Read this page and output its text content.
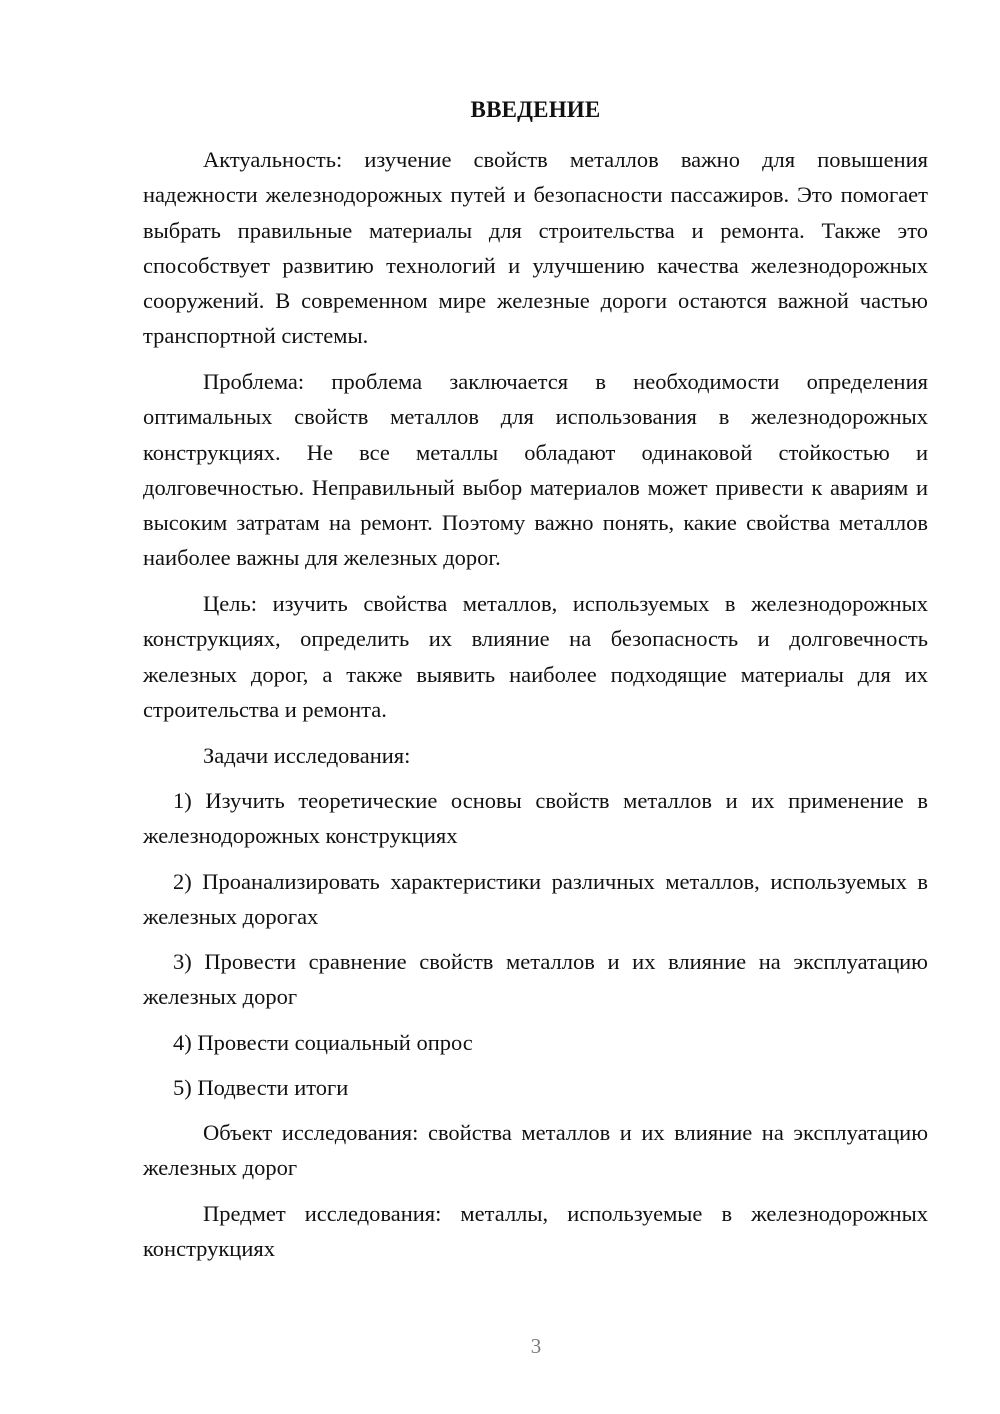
ВВЕДЕНИЕ

Актуальность: изучение свойств металлов важно для повышения надежности железнодорожных путей и безопасности пассажиров. Это помогает выбрать правильные материалы для строительства и ремонта. Также это способствует развитию технологий и улучшению качества железнодорожных сооружений. В современном мире железные дороги остаются важной частью транспортной системы.

Проблема: проблема заключается в необходимости определения оптимальных свойств металлов для использования в железнодорожных конструкциях. Не все металлы обладают одинаковой стойкостью и долговечностью. Неправильный выбор материалов может привести к авариям и высоким затратам на ремонт. Поэтому важно понять, какие свойства металлов наиболее важны для железных дорог.

Цель: изучить свойства металлов, используемых в железнодорожных конструкциях, определить их влияние на безопасность и долговечность железных дорог, а также выявить наиболее подходящие материалы для их строительства и ремонта.

Задачи исследования:

1) Изучить теоретические основы свойств металлов и их применение в железнодорожных конструкциях

2) Проанализировать характеристики различных металлов, используемых в железных дорогах

3) Провести сравнение свойств металлов и их влияние на эксплуатацию железных дорог

4) Провести социальный опрос

5) Подвести итоги

Объект исследования: свойства металлов и их влияние на эксплуатацию железных дорог

Предмет исследования: металлы, используемые в железнодорожных конструкциях

3
